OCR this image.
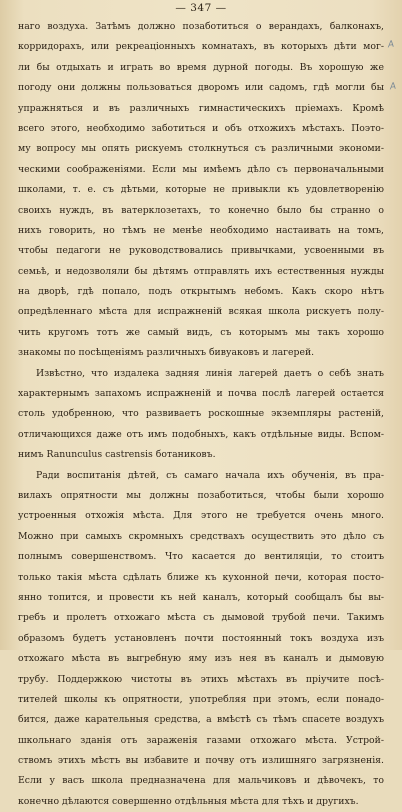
— 347 —
А
А
наго воздуха. Затѣмъ должно позаботиться о верандахъ, балконахъ,
корридорахъ, или рекреаціонныхъ комнатахъ, въ которыхъ дѣти мог-
ли бы отдыхать и играть во время дурной погоды. Въ хорошую же
погоду они должны пользоваться дворомъ или садомъ, гдѣ могли бы
упражняться и въ различныхъ гимнастическихъ пріемахъ. Кромѣ
всего этого, необходимо заботиться и объ отхожихъ мѣстахъ. Поэто-
му вопросу мы опять рискуемъ столкнуться съ различными экономи-
ческими соображеніями. Если мы имѣемъ дѣло съ первоначальными
школами, т. е. съ дѣтьми, которые не привыкли къ удовлетворенію
своихъ нуждъ, въ ватерклозетахъ, то конечно было бы странно о
нихъ говорить, но тѣмъ не менѣе необходимо настаивать на томъ,
чтобы педагоги не руководствовались привычками, усвоенными въ
семьѣ, и недозволяли бы дѣтямъ отправлять ихъ естественныя нужды
на дворѣ, гдѣ попало, подъ открытымъ небомъ. Какъ скоро нѣтъ
опредѣленнаго мѣста для испражненій всякая школа рискуетъ полу-
чить кругомъ тотъ же самый видъ, съ которымъ мы такъ хорошо
знакомы по посѣщеніямъ различныхъ бивуаковъ и лагерей.
Извѣстно, что издалека задняя линія лагерей даетъ о себѣ знать
характернымъ запахомъ испражненій и почва послѣ лагерей остается
столь удобренною, что развиваетъ роскошные экземпляры растеній,
отличающихся даже отъ имъ подобныхъ, какъ отдѣльные виды. Вспом-
нимъ Ranunculus castrensis ботаниковъ.
Ради воспитанія дѣтей, съ самаго начала ихъ обученія, въ пра-
вилахъ опрятности мы должны позаботиться, чтобы были хорошо
устроенныя отхожія мѣста. Для этого не требуется очень много.
Можно при самыхъ скромныхъ средствахъ осуществить это дѣло съ
полнымъ совершенствомъ. Что касается до вентиляціи, то стоитъ
только такія мѣста сдѣлать ближе къ кухонной печи, которая посто-
янно топится, и провести къ ней каналъ, который сообщалъ бы вы-
гребъ и пролетъ отхожаго мѣста съ дымовой трубой печи. Такимъ
образомъ будетъ установленъ почти постоянный токъ воздуха изъ
отхожаго мѣста въ выгребную яму изъ нея въ каналъ и дымовую
трубу. Поддержкою чистоты въ этихъ мѣстахъ въ пріучите посѣ-
тителей школы къ опрятности, употребляя при этомъ, если понадо-
бится, даже карательныя средства, а вмѣстѣ съ тѣмъ спасете воздухъ
школьнаго зданія отъ зараженія газами отхожаго мѣста. Устрой-
ствомъ этихъ мѣстъ вы избавите и почву отъ излишняго загрязненія.
Если у васъ школа предназначена для мальчиковъ и дѣвочекъ, то
конечно дѣлаются совершенно отдѣльныя мѣста для тѣхъ и другихъ.
